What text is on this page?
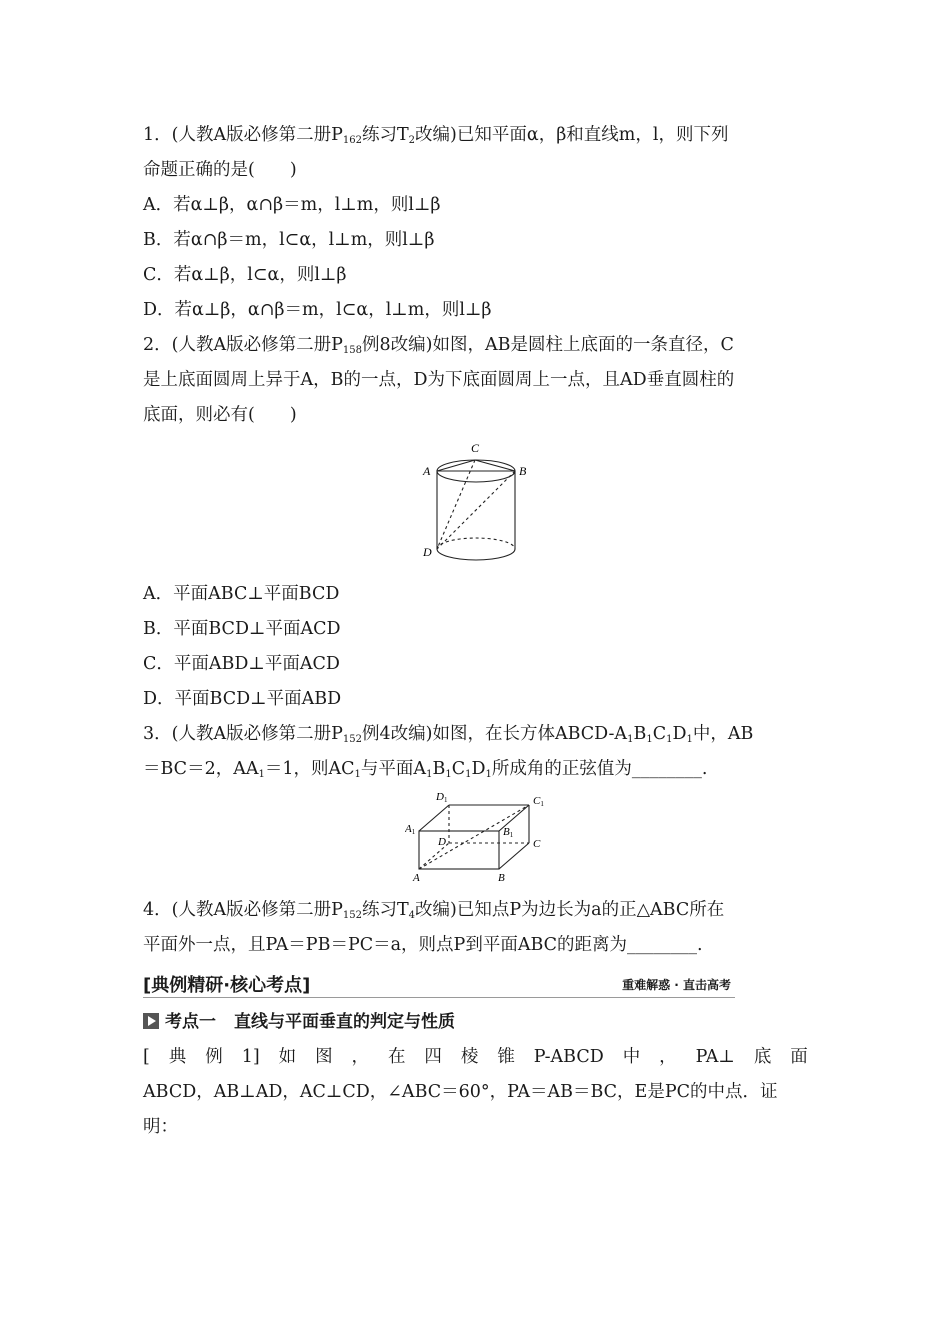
1．(人教A版必修第二册$P_{162}$练习$T_2$改编)已知平面α，β和直线m，l，则下列
命题正确的是(　　)
A．若α⊥β，α∩β＝m，l⊥m，则l⊥β
B．若α∩β＝m，l⊂α，l⊥m，则l⊥β
C．若α⊥β，l⊂α，则l⊥β
D．若α⊥β，α∩β＝m，l⊂α，l⊥m，则l⊥β
2．(人教A版必修第二册$P_{158}$例8改编)如图，AB是圆柱上底面的一条直径，C
是上底面圆周上异于A，B的一点，D为下底面圆周上一点，且AD垂直圆柱的
底面，则必有(　　)
C
A	B
D
A．平面ABC⊥平面BCD
B．平面BCD⊥平面ACD
C．平面ABD⊥平面ACD
D．平面BCD⊥平面ABD
3．(人教A版必修第二册$P_{152}$例4改编)如图，在长方体ABCD-$A_1B_1C_1D_1$中，AB
＝BC＝2，$AA_1=1$，则$AC_1$与平面$A_1B_1C_1D_1$所成角的正弦值为________.
D1	C1
A1	B1
D	C
A	B
4．(人教A版必修第二册$P_{152}$练习$T_4$改编)已知点P为边长为a的正△ABC所在
平面外一点，且PA＝PB＝PC＝a，则点P到平面ABC的距离为________.
[典例精研·核心考点]	重难解惑 · 直击高考
考点一 直线与平面垂直的判定与性质
[ 典 例 1] 如 图 ， 在 四 棱 锥 P-ABCD 中 ， PA⊥ 底 面
ABCD，AB⊥AD，AC⊥CD，∠ABC＝60°，PA＝AB＝BC，E是PC的中点．证
明：
